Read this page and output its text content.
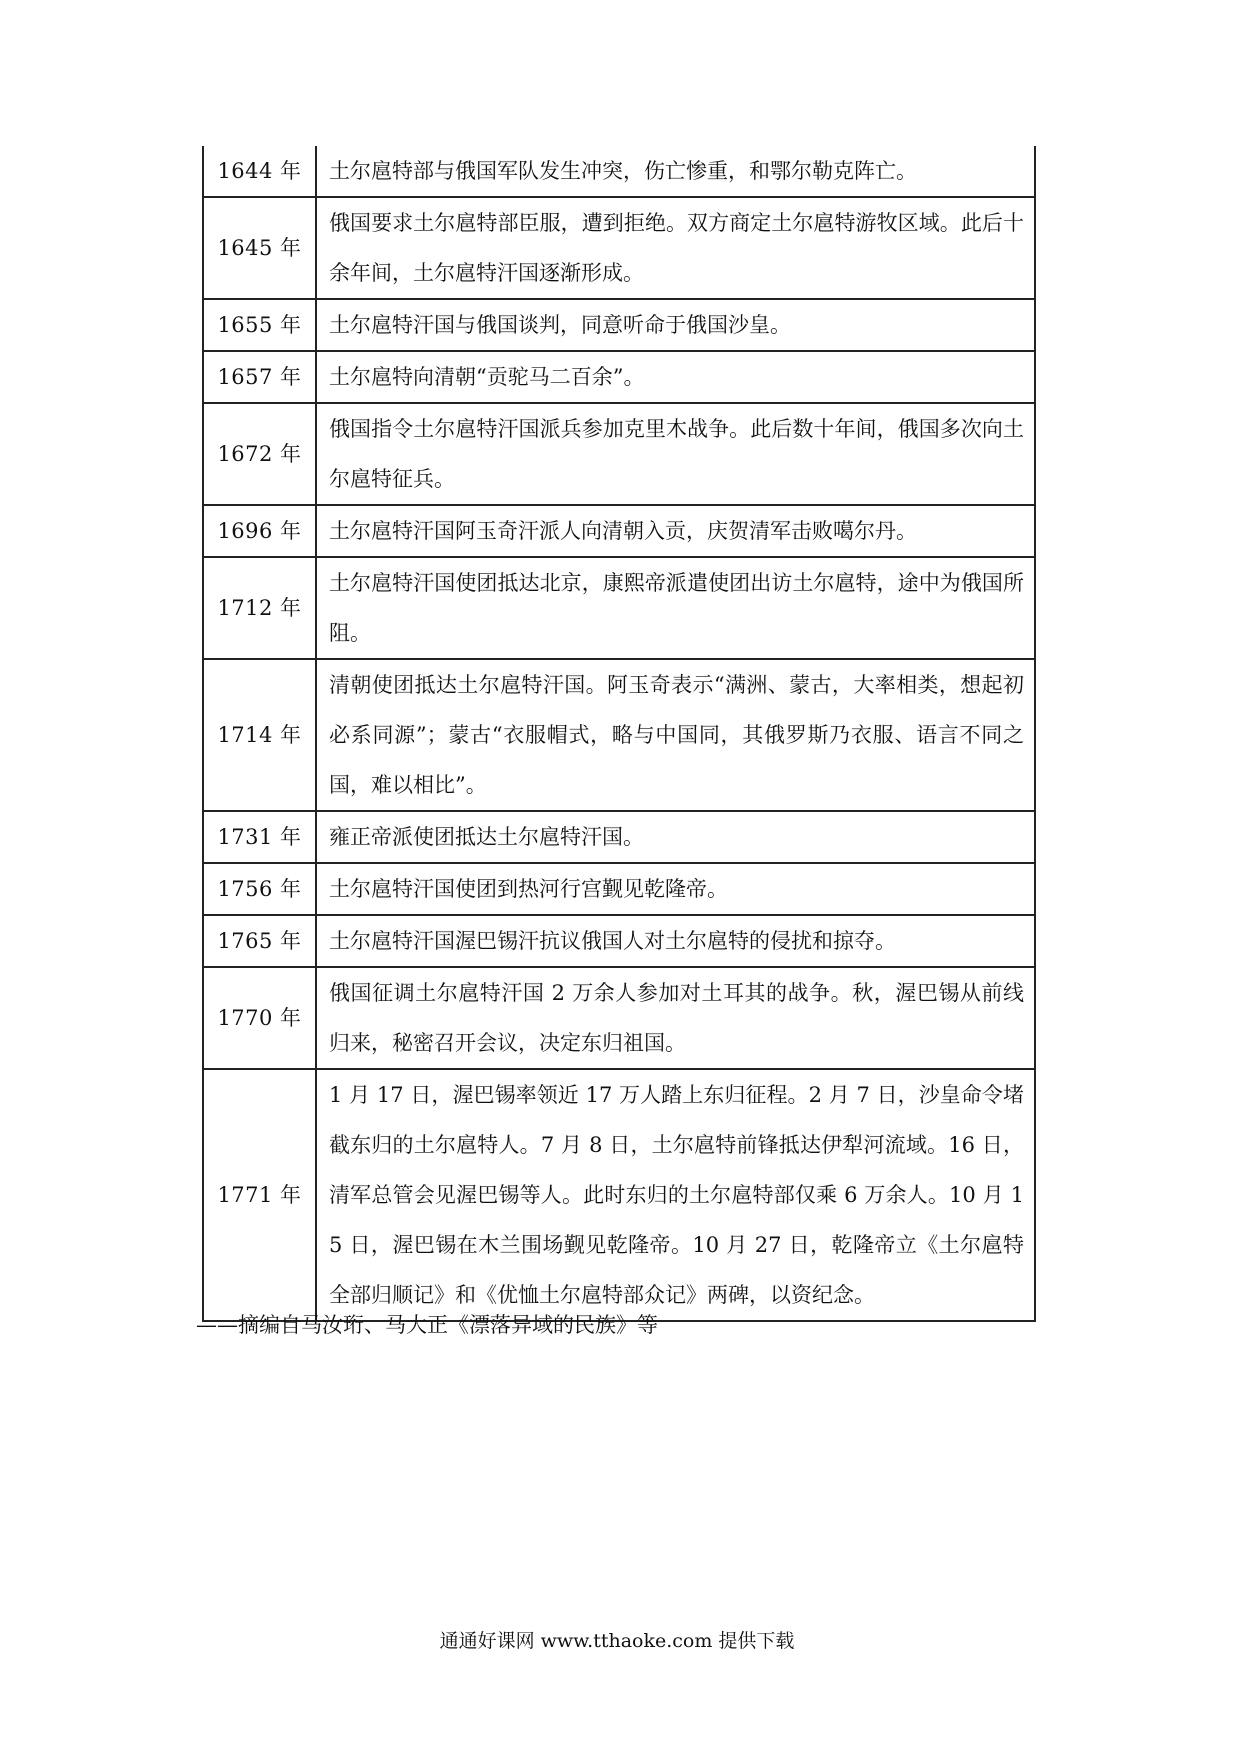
1644 年	土尔扈特部与俄国军队发生冲突，伤亡惨重，和鄂尔勒克阵亡。
1645 年	俄国要求土尔扈特部臣服，遭到拒绝。双方商定土尔扈特游牧区域。此后十余年间，土尔扈特汗国逐渐形成。
1655 年	土尔扈特汗国与俄国谈判，同意听命于俄国沙皇。
1657 年	土尔扈特向清朝“贡驼马二百余”。
1672 年	俄国指令土尔扈特汗国派兵参加克里木战争。此后数十年间，俄国多次向土尔扈特征兵。
1696 年	土尔扈特汗国阿玉奇汗派人向清朝入贡，庆贺清军击败噶尔丹。
1712 年	土尔扈特汗国使团抵达北京，康熙帝派遣使团出访土尔扈特，途中为俄国所阻。
1714 年	清朝使团抵达土尔扈特汗国。阿玉奇表示“满洲、蒙古，大率相类，想起初必系同源”；蒙古“衣服帽式，略与中国同，其俄罗斯乃衣服、语言不同之国，难以相比”。
1731 年	雍正帝派使团抵达土尔扈特汗国。
1756 年	土尔扈特汗国使团到热河行宫觐见乾隆帝。
1765 年	土尔扈特汗国渥巴锡汗抗议俄国人对土尔扈特的侵扰和掠夺。
1770 年	俄国征调土尔扈特汗国 2 万余人参加对土耳其的战争。秋，渥巴锡从前线归来，秘密召开会议，决定东归祖国。
1771 年	1 月 17 日，渥巴锡率领近 17 万人踏上东归征程。2 月 7 日，沙皇命令堵截东归的土尔扈特人。7 月 8 日，土尔扈特前锋抵达伊犁河流域。16 日，清军总管会见渥巴锡等人。此时东归的土尔扈特部仅乘 6 万余人。10 月 15 日，渥巴锡在木兰围场觐见乾隆帝。10 月 27 日，乾隆帝立《土尔扈特全部归顺记》和《优恤土尔扈特部众记》两碑，以资纪念。
——摘编自马汝珩、马大正《漂落异域的民族》等
通通好课网 www.tthaoke.com 提供下载
